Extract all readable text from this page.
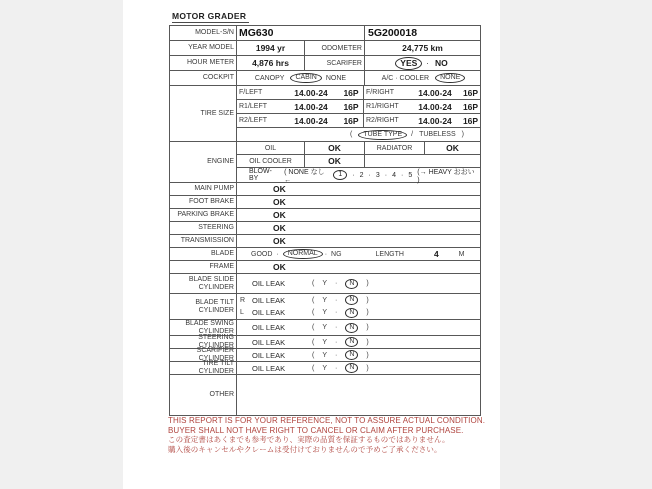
MOTOR GRADER
MODEL-S/N MG630	5G200018
YEAR MODEL	1994 yr	ODOMETER	24,775 km
HOUR METER	4,876 hrs	SCARIFER	YES	· NO
COCKPIT	CANOPY	CABIN	NONE	A/C · COOLER	NONE
TIRE SIZE
F/LEFT	14.00-24	16P	F/RIGHT	14.00-24	16P
R1/LEFT	14.00-24	16P	R1/RIGHT	14.00-24	16P
R2/LEFT	14.00-24	16P	R2/RIGHT	14.00-24	16P
(	TUBE TYPE	/ TUBELESS )
ENGINE
OIL	OK	RADIATOR	OK
OIL COOLER	OK
BLOW-BY
( NONE なし ←
1	· 2 · 3 · 4 · 5 (→ HEAVY おおい )
MAIN PUMP	OK
FOOT BRAKE	OK
PARKING BRAKE	OK
STEERING	OK
TRANSMISSION	OK
BLADE	GOOD ·	NORMAL	· NG	LENGTH	4	M
FRAME	OK
BLADE SLIDE CYLINDER	OIL LEAK	( Y ·	N	)
BLADE TILT CYLINDER
R OIL LEAK	( Y ·	N	)
L	OIL LEAK	( Y ·	N	)
BLADE SWING CYLINDER	OIL LEAK	( Y ·	N	)
STEERING CYLINDER	OIL LEAK	( Y ·	N	)
SCARIFIER CYLINDER	OIL LEAK	( Y ·	N	)
TIRE TILT CYLINDER	OIL LEAK	( Y ·	N	)
OTHER
THIS REPORT IS FOR YOUR REFERENCE, NOT TO ASSURE ACTUAL CONDITION.
BUYER SHALL NOT HAVE RIGHT TO CANCEL OR CLAIM AFTER PURCHASE.
この査定書はあくまでも参考であり、実際の品質を保証するものではありません。
購入後のキャンセルやクレームは受付けておりませんので予めご了承ください。
